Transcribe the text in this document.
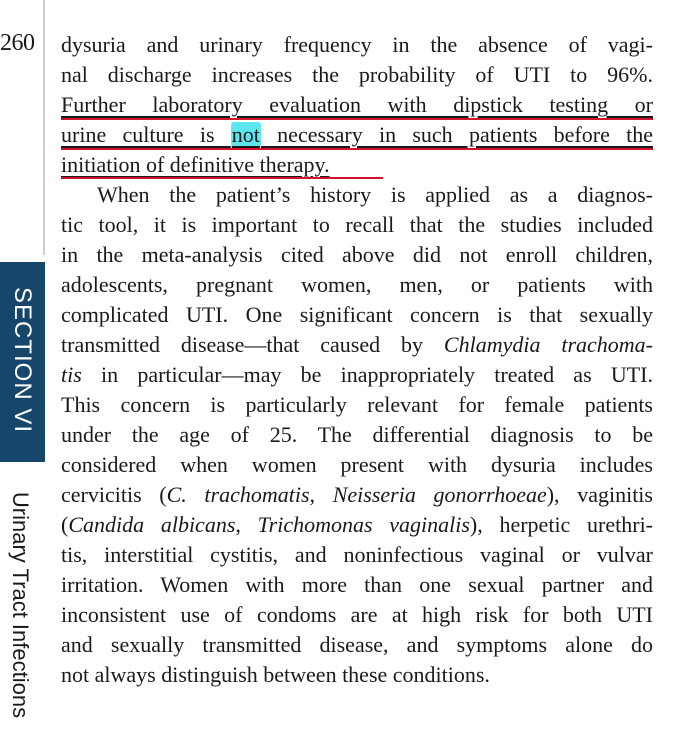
260
SECTION VI
Urinary Tract Infections
dysuria and urinary frequency in the absence of vagi-
nal discharge increases the probability of UTI to 96%.
Further laboratory evaluation with dipstick testing or
urine culture is not necessary in such patients before the
initiation of definitive therapy.
When the patient’s history is applied as a diagnos-
tic tool, it is important to recall that the studies included
in the meta-analysis cited above did not enroll children,
adolescents, pregnant women, men, or patients with
complicated UTI. One significant concern is that sexually
transmitted disease—that caused by Chlamydia trachoma-
tis in particular—may be inappropriately treated as UTI.
This concern is particularly relevant for female patients
under the age of 25. The differential diagnosis to be
considered when women present with dysuria includes
cervicitis (C. trachomatis, Neisseria gonorrhoeae), vaginitis
(Candida albicans, Trichomonas vaginalis), herpetic urethri-
tis, interstitial cystitis, and noninfectious vaginal or vulvar
irritation. Women with more than one sexual partner and
inconsistent use of condoms are at high risk for both UTI
and sexually transmitted disease, and symptoms alone do
not always distinguish between these conditions.
